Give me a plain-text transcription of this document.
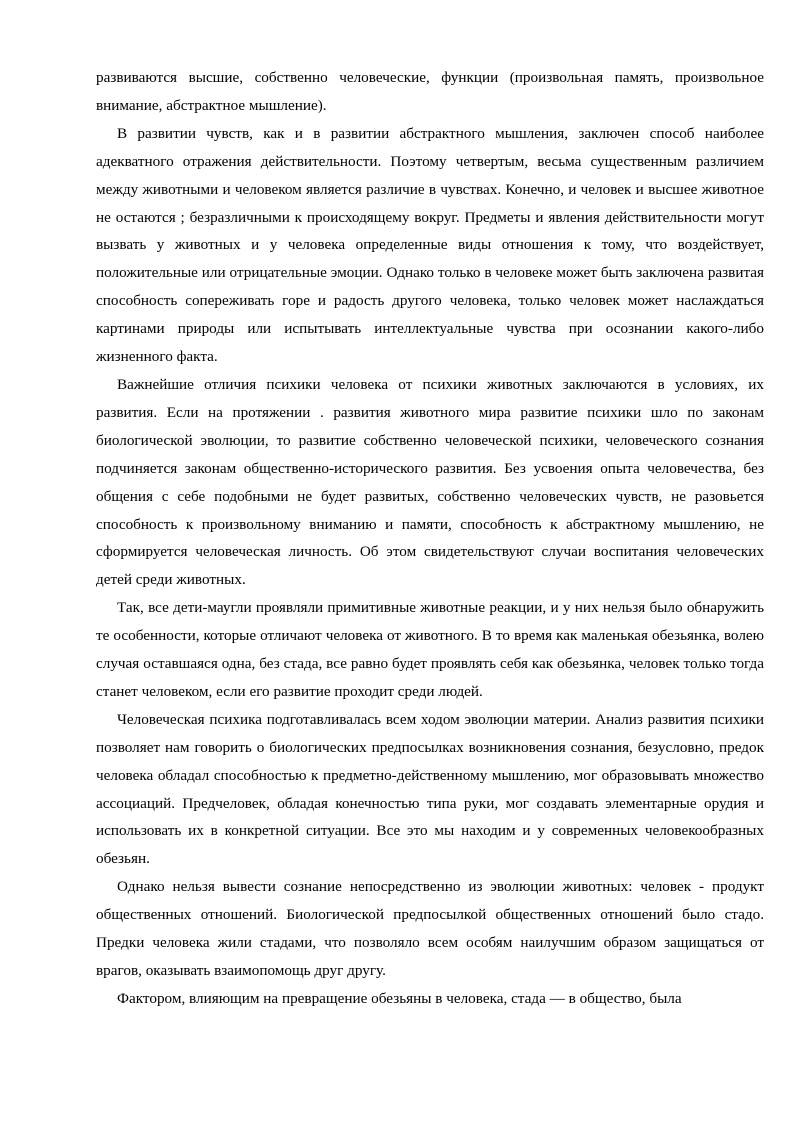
развиваются высшие, собственно человеческие, функции (произвольная память, произвольное внимание, абстрактное мышление).

В развитии чувств, как и в развитии абстрактного мышления, заключен способ наиболее адекватного отражения действительности. Поэтому четвертым, весьма существенным различием между животными и человеком является различие в чувствах. Конечно, и человек и высшее животное не остаются ; безразличными к происходящему вокруг. Предметы и явления действительности могут вызвать у животных и у человека определенные виды отношения к тому, что воздействует, положительные или отрицательные эмоции. Однако только в человеке может быть заключена развитая способность сопереживать горе и радость другого человека, только человек может наслаждаться картинами природы или испытывать интеллектуальные чувства при осознании какого-либо жизненного факта.

Важнейшие отличия психики человека от психики животных заключаются в условиях, их развития. Если на протяжении . развития животного мира развитие психики шло по законам биологической эволюции, то развитие собственно человеческой психики, человеческого сознания подчиняется законам общественно-исторического развития. Без усвоения опыта человечества, без общения с себе подобными не будет развитых, собственно человеческих чувств, не разовьется способность к произвольному вниманию и памяти, способность к абстрактному мышлению, не сформируется человеческая личность. Об этом свидетельствуют случаи воспитания человеческих детей среди животных.

Так, все дети-маугли проявляли примитивные животные реакции, и у них нельзя было обнаружить те особенности, которые отличают человека от животного. В то время как маленькая обезьянка, волею случая оставшаяся одна, без стада, все равно будет проявлять себя как обезьянка, человек только тогда станет человеком, если его развитие проходит среди людей.

Человеческая психика подготавливалась всем ходом эволюции материи. Анализ развития психики позволяет нам говорить о биологических предпосылках возникновения сознания, безусловно, предок человека обладал способностью к предметно-действенному мышлению, мог образовывать множество ассоциаций. Предчеловек, обладая конечностью типа руки, мог создавать элементарные орудия и использовать их в конкретной ситуации. Все это мы находим и у современных человекообразных обезьян.

Однако нельзя вывести сознание непосредственно из эволюции животных: человек - продукт общественных отношений. Биологической предпосылкой общественных отношений было стадо. Предки человека жили стадами, что позволяло всем особям наилучшим образом защищаться от врагов, оказывать взаимопомощь друг другу.

Фактором, влияющим на превращение обезьяны в человека, стада — в общество, была
